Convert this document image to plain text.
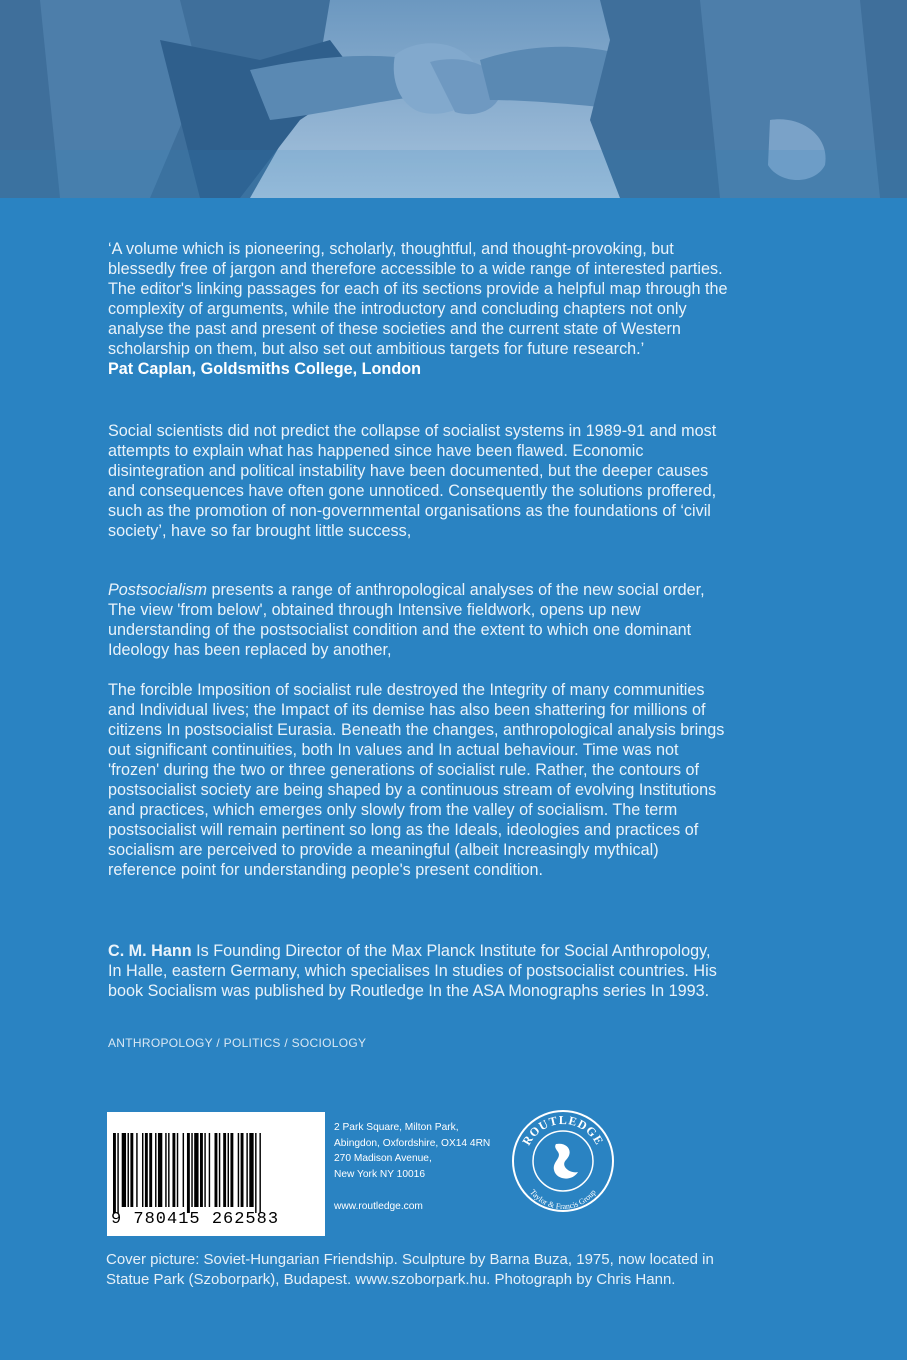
‘A volume which is pioneering, scholarly, thoughtful, and thought-provoking, but blessedly free of jargon and therefore accessible to a wide range of interested parties. The editor's linking passages for each of its sections provide a helpful map through the complexity of arguments, while the introductory and concluding chapters not only analyse the past and present of these societies and the current state of Western scholarship on them, but also set out ambitious targets for future research.’

Pat Caplan, Goldsmiths College, London

Social scientists did not predict the collapse of socialist systems in 1989-91 and most attempts to explain what has happened since have been flawed. Economic disintegration and political instability have been documented, but the deeper causes and consequences have often gone unnoticed. Consequently the solutions proffered, such as the promotion of non-governmental organisations as the foundations of ‘civil society’, have so far brought little success,

Postsocialism presents a range of anthropological analyses of the new social order, The view 'from below', obtained through Intensive fieldwork, opens up new understanding of the postsocialist condition and the extent to which one dominant Ideology has been replaced by another,

The forcible Imposition of socialist rule destroyed the Integrity of many communities and Individual lives; the Impact of its demise has also been shattering for millions of citizens In postsocialist Eurasia. Beneath the changes, anthropological analysis brings out significant continuities, both In values and In actual behaviour. Time was not 'frozen' during the two or three generations of socialist rule. Rather, the contours of postsocialist society are being shaped by a continuous stream of evolving Institutions and practices, which emerges only slowly from the valley of socialism. The term postsocialist will remain pertinent so long as the Ideals, ideologies and practices of socialism are perceived to provide a meaningful (albeit Increasingly mythical) reference point for understanding people's present condition.

C. M. Hann Is Founding Director of the Max Planck Institute for Social Anthropology, In Halle, eastern Germany, which specialises In studies of postsocialist countries. His book Socialism was published by Routledge In the ASA Monographs series In 1993.

ANTHROPOLOGY / POLITICS / SOCIOLOGY
ISBN 0-415-26258-5
9 780415 262583
2 Park Square, Milton Park,
Abingdon, Oxfordshire, OX14 4RN
270 Madison Avenue,
New York NY 10016
www.routledge.com
ROUTLEDGE
Taylor & Francis Group
Cover picture: Soviet-Hungarian Friendship. Sculpture by Barna Buza, 1975, now located in Statue Park (Szoborpark), Budapest. www.szoborpark.hu. Photograph by Chris Hann.
